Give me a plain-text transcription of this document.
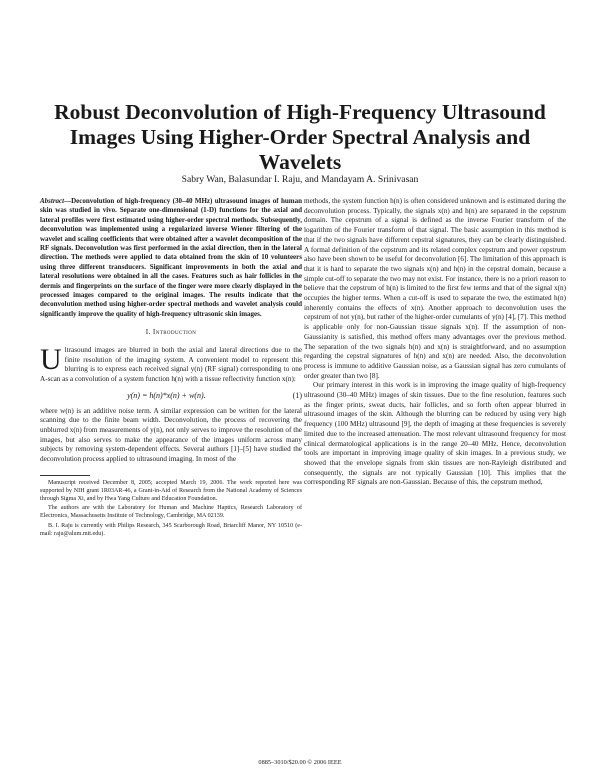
Robust Deconvolution of High-Frequency Ultrasound Images Using Higher-Order Spectral Analysis and Wavelets
Sabry Wan, Balasundar I. Raju, and Mandayam A. Srinivasan
Abstract—Deconvolution of high-frequency (30–40 MHz) ultrasound images of human skin was studied in vivo. Separate one-dimensional (1-D) functions for the axial and lateral profiles were first estimated using higher-order spectral methods. Subsequently, deconvolution was implemented using a regularized inverse Wiener filtering of the wavelet and scaling coefficients that were obtained after a wavelet decomposition of the RF signals. Deconvolution was first performed in the axial direction, then in the lateral direction. The methods were applied to data obtained from the skin of 10 volunteers using three different transducers. Significant improvements in both the axial and lateral resolutions were obtained in all the cases. Features such as hair follicles in the dermis and fingerprints on the surface of the finger were more clearly displayed in the processed images compared to the original images. The results indicate that the deconvolution method using higher-order spectral methods and wavelet analysis could significantly improve the quality of high-frequency ultrasonic skin images.
I. Introduction

Ultrasound images are blurred in both the axial and lateral directions due to the finite resolution of the imaging system. A convenient model to represent this blurring is to express each received signal y(n) (RF signal) corresponding to one A-scan as a convolution of a system function h(n) with a tissue reflectivity function x(n):

y(n) = h(n)*x(n) + w(n).	(1)

where w(n) is an additive noise term. A similar expression can be written for the lateral scanning due to the finite beam width. Deconvolution, the process of recovering the unblurred x(n) from measurements of y(n), not only serves to improve the resolution of the images, but also serves to make the appearance of the images uniform across many subjects by removing system-dependent effects. Several authors [1]–[5] have studied the deconvolution process applied to ultrasound imaging. In most of the

Manuscript received December 8, 2005; accepted March 19, 2006. The work reported here was supported by NIH grant 1R03AR-46, a Grant-in-Aid of Research from the National Academy of Sciences through Sigma Xi, and by Hwa Yang Culture and Education Foundation.
The authors are with the Laboratory for Human and Machine Haptics, Research Laboratory of Electronics, Massachusetts Institute of Technology, Cambridge, MA 02139.
B. I. Raju is currently with Philips Research, 345 Scarborough Road, Briarcliff Manor, NY 10510 (e-mail: raju@alum.mit.edu).

methods, the system function h(n) is often considered unknown and is estimated during the deconvolution process. Typically, the signals x(n) and h(n) are separated in the cepstrum domain. The cepstrum of a signal is defined as the inverse Fourier transform of the logarithm of the Fourier transform of that signal. The basic assumption in this method is that if the two signals have different cepstral signatures, they can be clearly distinguished. A formal definition of the cepstrum and its related complex cepstrum and power cepstrum also have been shown to be useful for deconvolution [6]. The limitation of this approach is that it is hard to separate the two signals x(n) and h(n) in the cepstral domain, because a simple cut-off to separate the two may not exist. For instance, there is no a priori reason to believe that the cepstrum of h(n) is limited to the first few terms and that of the signal x(n) occupies the higher terms. When a cut-off is used to separate the two, the estimated h(n) inherently contains the effects of x(n). Another approach to deconvolution uses the cepstrum of not y(n), but rather of the higher-order cumulants of y(n) [4], [7]. This method is applicable only for non-Gaussian tissue signals x(n). If the assumption of non-Gaussianity is satisfied, this method offers many advantages over the previous method. The separation of the two signals h(n) and x(n) is straightforward, and no assumption regarding the cepstral signatures of h(n) and x(n) are needed. Also, the deconvolution process is immune to additive Gaussian noise, as a Gaussian signal has zero cumulants of order greater than two [8].

Our primary interest in this work is in improving the image quality of high-frequency ultrasound (30–40 MHz) images of skin tissues. Due to the fine resolution, features such as the finger prints, sweat ducts, hair follicles, and so forth often appear blurred in ultrasound images of the skin. Although the blurring can be reduced by using very high frequency (100 MHz) ultrasound [9], the depth of imaging at these frequencies is severely limited due to the increased attenuation. The most relevant ultrasound frequency for most clinical dermatological applications is in the range 20–40 MHz. Hence, deconvolution tools are important in improving image quality of skin images. In a previous study, we showed that the envelope signals from skin tissues are non-Rayleigh distributed and consequently, the signals are not typically Gaussian [10]. This implies that the corresponding RF signals are non-Gaussian. Because of this, the cepstrum method,

0885–3010/$20.00 © 2006 IEEE
